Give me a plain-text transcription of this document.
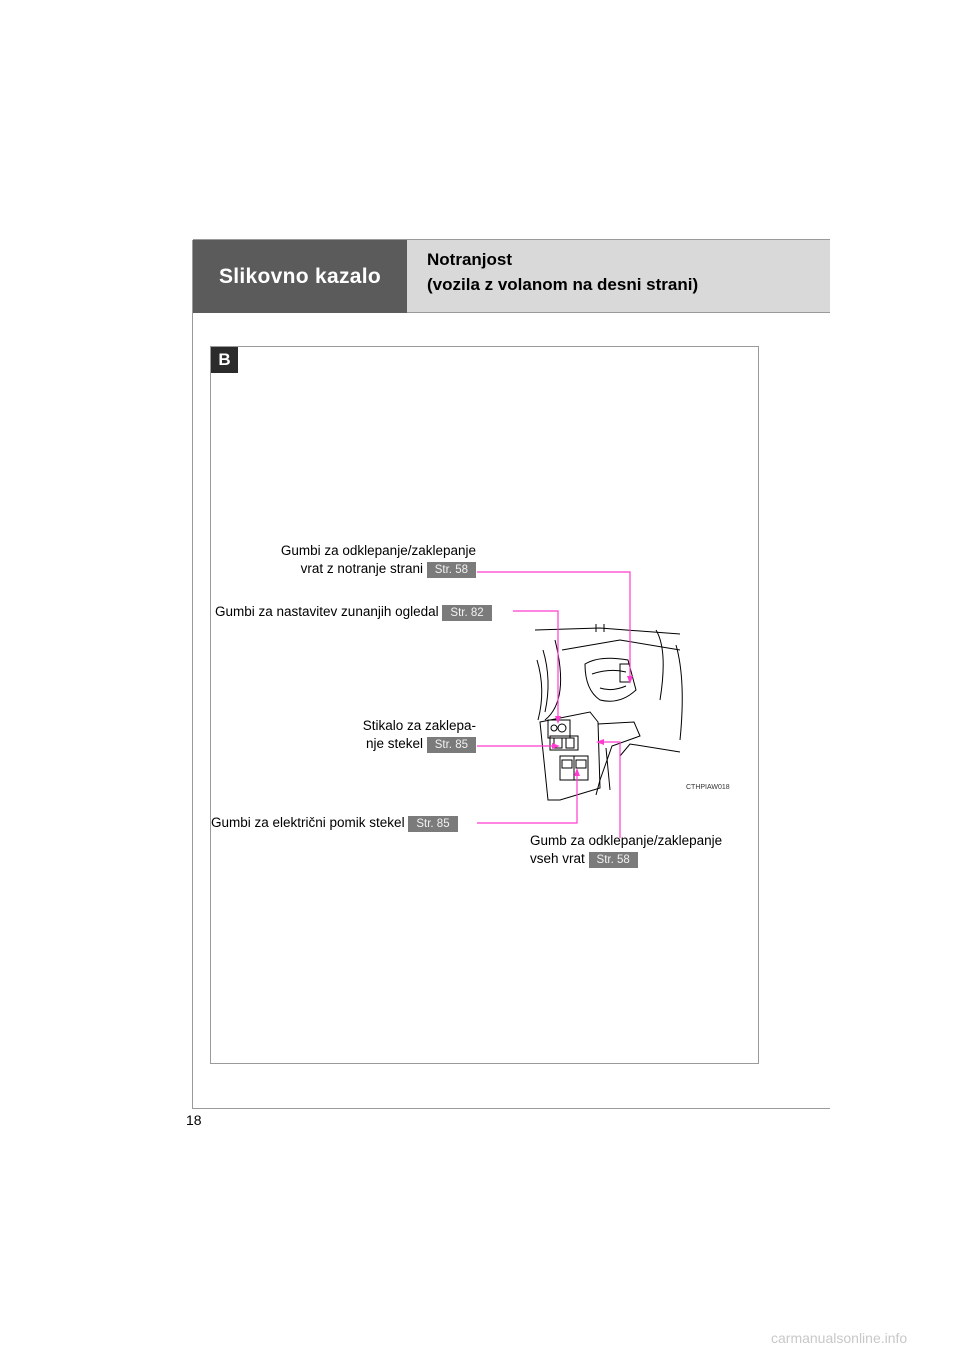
Slikovno kazalo
Notranjost
(vozila z volanom na desni strani)
B
Gumbi za odklepanje/zaklepanje
vrat z notranje strani Str. 58
Gumbi za nastavitev zunanjih ogledal Str. 82
Stikalo za zaklepa-
nje stekel Str. 85
Gumbi za električni pomik stekel Str. 85
Gumb za odklepanje/zaklepanje
vseh vrat Str. 58
CTHPIAW018
18
carmanualsonline.info
